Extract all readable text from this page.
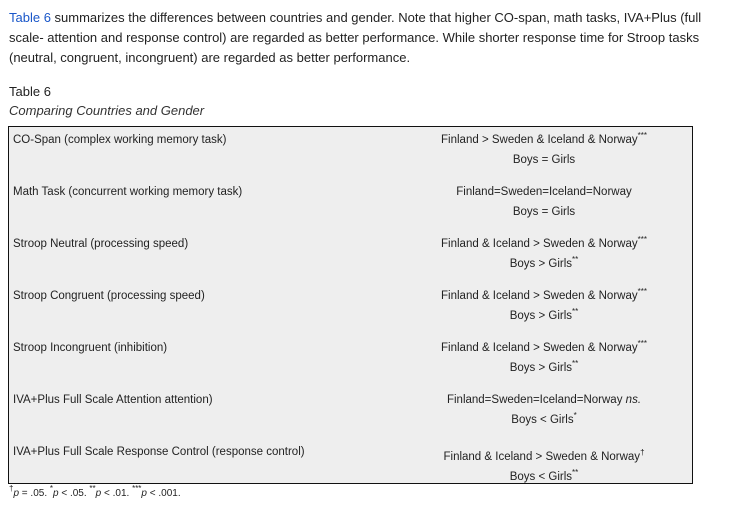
Table 6 summarizes the differences between countries and gender. Note that higher CO-span, math tasks, IVA+Plus (full scale- attention and response control) are regarded as better performance. While shorter response time for Stroop tasks (neutral, congruent, incongruent) are regarded as better performance.

Table 6
Comparing Countries and Gender
CO-Span (complex working memory task)	Finland > Sweden & Iceland & Norway***
Boys = Girls
Math Task (concurrent working memory task)	Finland=Sweden=Iceland=Norway
Boys = Girls
Stroop Neutral (processing speed)	Finland & Iceland > Sweden & Norway***
Boys > Girls**
Stroop Congruent (processing speed)	Finland & Iceland > Sweden & Norway***
Boys > Girls**
Stroop Incongruent (inhibition)	Finland & Iceland > Sweden & Norway***
Boys > Girls**
IVA+Plus Full Scale Attention attention)	Finland=Sweden=Iceland=Norway ns.
Boys < Girls*
IVA+Plus Full Scale Response Control (response control)	Finland & Iceland > Sweden & Norway†
Boys < Girls**
†p = .05. *p < .05. **p < .01. ***p < .001.
